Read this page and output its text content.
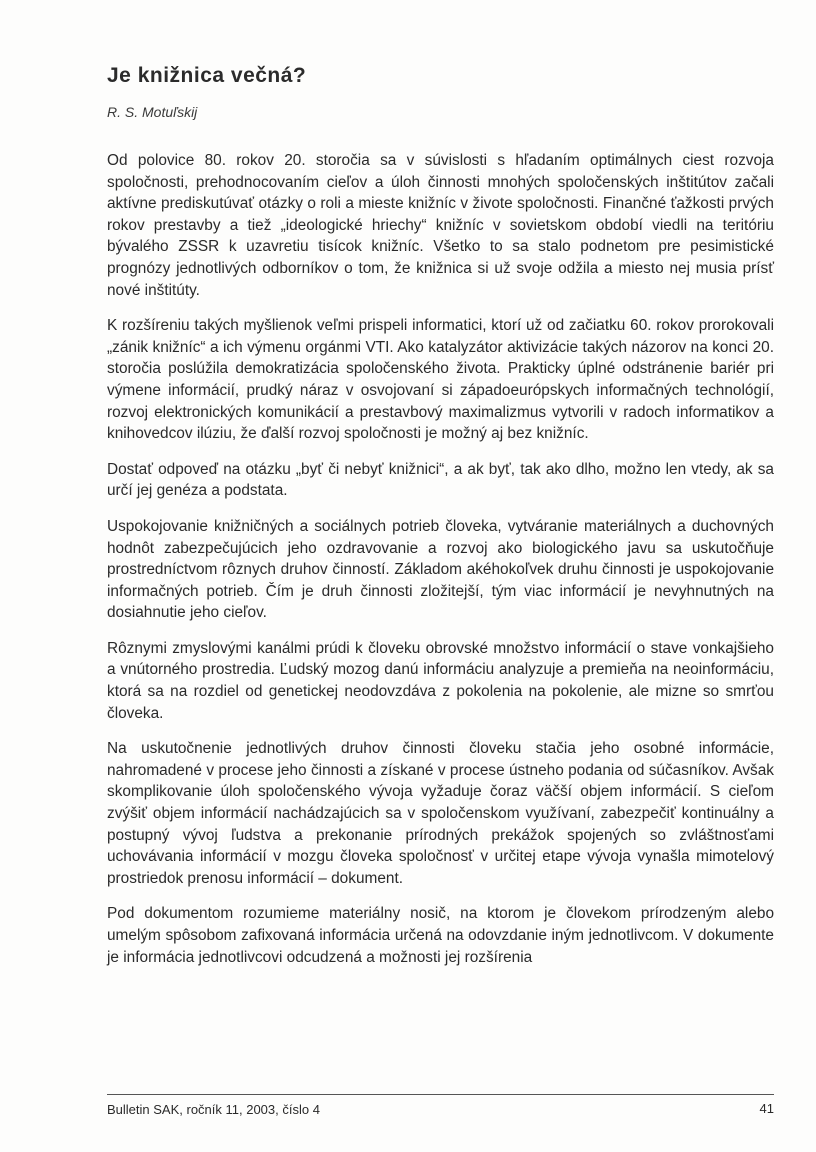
Je knižnica večná?

R. S. Motuľskij

Od polovice 80. rokov 20. storočia sa v súvislosti s hľadaním optimálnych ciest rozvoja spoločnosti, prehodnocovaním cieľov a úloh činnosti mnohých spoločenských inštitútov začali aktívne prediskutúvať otázky o roli a mieste knižníc v živote spoločnosti. Finančné ťažkosti prvých rokov prestavby a tiež „ideologické hriechy“ knižníc v sovietskom období viedli na teritóriu bývalého ZSSR k uzavretiu tisícok knižníc. Všetko to sa stalo podnetom pre pesimistické prognózy jednotlivých odborníkov o tom, že knižnica si už svoje odžila a miesto nej musia prísť nové inštitúty.

K rozšíreniu takých myšlienok veľmi prispeli informatici, ktorí už od začiatku 60. rokov prorokovali „zánik knižníc“ a ich výmenu orgánmi VTI. Ako katalyzátor aktivizácie takých názorov na konci 20. storočia poslúžila demokratizácia spoločenského života. Prakticky úplné odstránenie bariér pri výmene informácií, prudký náraz v osvojovaní si západoeurópskych informačných technológií, rozvoj elektronických komunikácií a prestavbový maximalizmus vytvorili v radoch informatikov a knihovedcov ilúziu, že ďalší rozvoj spoločnosti je možný aj bez knižníc.

Dostať odpoveď na otázku „byť či nebyť knižnici“, a ak byť, tak ako dlho, možno len vtedy, ak sa určí jej genéza a podstata.

Uspokojovanie knižničných a sociálnych potrieb človeka, vytváranie materiálnych a duchovných hodnôt zabezpečujúcich jeho ozdravovanie a rozvoj ako biologického javu sa uskutočňuje prostredníctvom rôznych druhov činností. Základom akéhokoľvek druhu činnosti je uspokojovanie informačných potrieb. Čím je druh činnosti zložitejší, tým viac informácií je nevyhnutných na dosiahnutie jeho cieľov.

Rôznymi zmyslovými kanálmi prúdi k človeku obrovské množstvo informácií o stave vonkajšieho a vnútorného prostredia. Ľudský mozog danú informáciu analyzuje a premieňa na neoinformáciu, ktorá sa na rozdiel od genetickej neodovzdáva z pokolenia na pokolenie, ale mizne so smrťou človeka.

Na uskutočnenie jednotlivých druhov činnosti človeku stačia jeho osobné informácie, nahromadené v procese jeho činnosti a získané v procese ústneho podania od súčasníkov. Avšak skomplikovanie úloh spoločenského vývoja vyžaduje čoraz väčší objem informácií. S cieľom zvýšiť objem informácií nachádzajúcich sa v spoločenskom využívaní, zabezpečiť kontinuálny a postupný vývoj ľudstva a prekonanie prírodných prekážok spojených so zvláštnosťami uchovávania informácií v mozgu človeka spoločnosť v určitej etape vývoja vynašla mimotelový prostriedok prenosu informácií – dokument.

Pod dokumentom rozumieme materiálny nosič, na ktorom je človekom prírodzeným alebo umelým spôsobom zafixovaná informácia určená na odovzdanie iným jednotlivcom. V dokumente je informácia jednotlivcovi odcudzená a možnosti jej rozšírenia

Bulletin SAK, ročník 11, 2003, číslo 4	41
